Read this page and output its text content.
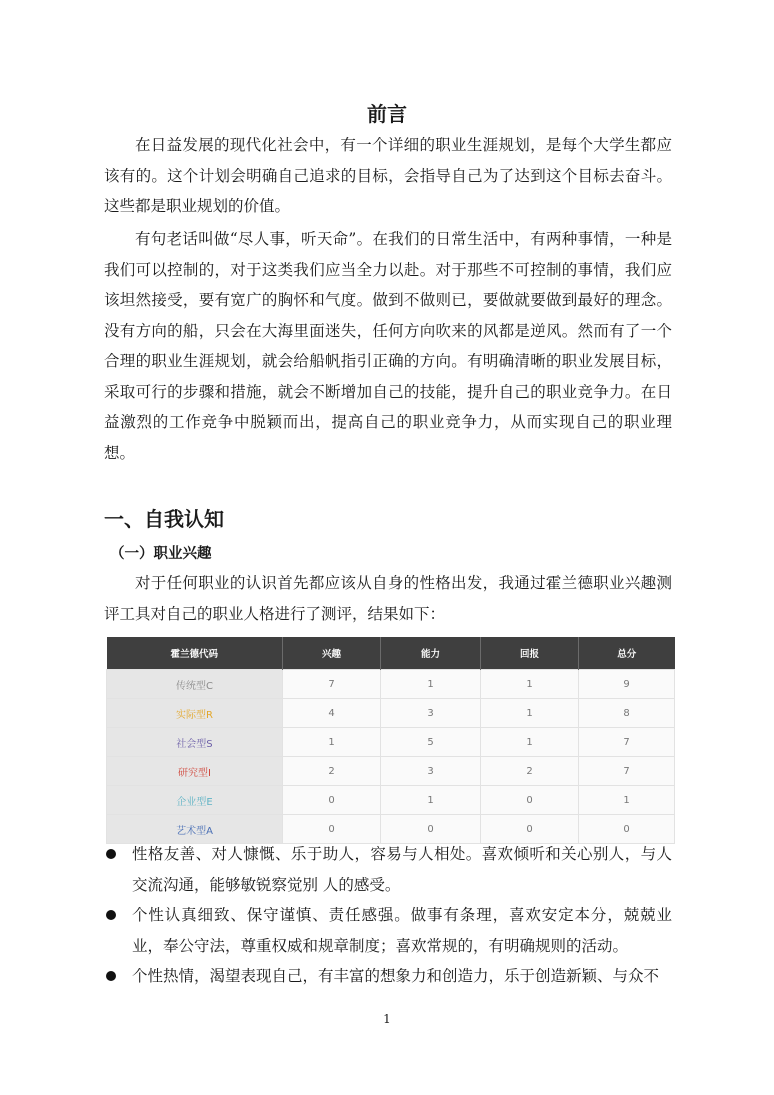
前言

在日益发展的现代化社会中，有一个详细的职业生涯规划，是每个大学生都应该有的。这个计划会明确自己追求的目标，会指导自己为了达到这个目标去奋斗。这些都是职业规划的价值。

有句老话叫做“尽人事，听天命”。在我们的日常生活中，有两种事情，一种是我们可以控制的，对于这类我们应当全力以赴。对于那些不可控制的事情，我们应该坦然接受，要有宽广的胸怀和气度。做到不做则已，要做就要做到最好的理念。没有方向的船，只会在大海里面迷失，任何方向吹来的风都是逆风。然而有了一个合理的职业生涯规划，就会给船帆指引正确的方向。有明确清晰的职业发展目标，采取可行的步骤和措施，就会不断增加自己的技能，提升自己的职业竞争力。在日益激烈的工作竞争中脱颖而出，提高自己的职业竞争力，从而实现自己的职业理想。

一、自我认知
（一）职业兴趣

对于任何职业的认识首先都应该从自身的性格出发，我通过霍兰德职业兴趣测评工具对自己的职业人格进行了测评，结果如下：

霍兰德代码	兴趣	能力	回报	总分
传统型C	7	1	1	9
实际型R	4	3	1	8
社会型S	1	5	1	7
研究型I	2	3	2	7
企业型E	0	1	0	1
艺术型A	0	0	0	0
性格友善、对人慷慨、乐于助人，容易与人相处。喜欢倾听和关心别人，与人交流沟通，能够敏锐察觉别 人的感受。
个性认真细致、保守谨慎、责任感强。做事有条理，喜欢安定本分，兢兢业业，奉公守法，尊重权威和规章制度；喜欢常规的，有明确规则的活动。
个性热情，渴望表现自己，有丰富的想象力和创造力，乐于创造新颖、与众不
1
